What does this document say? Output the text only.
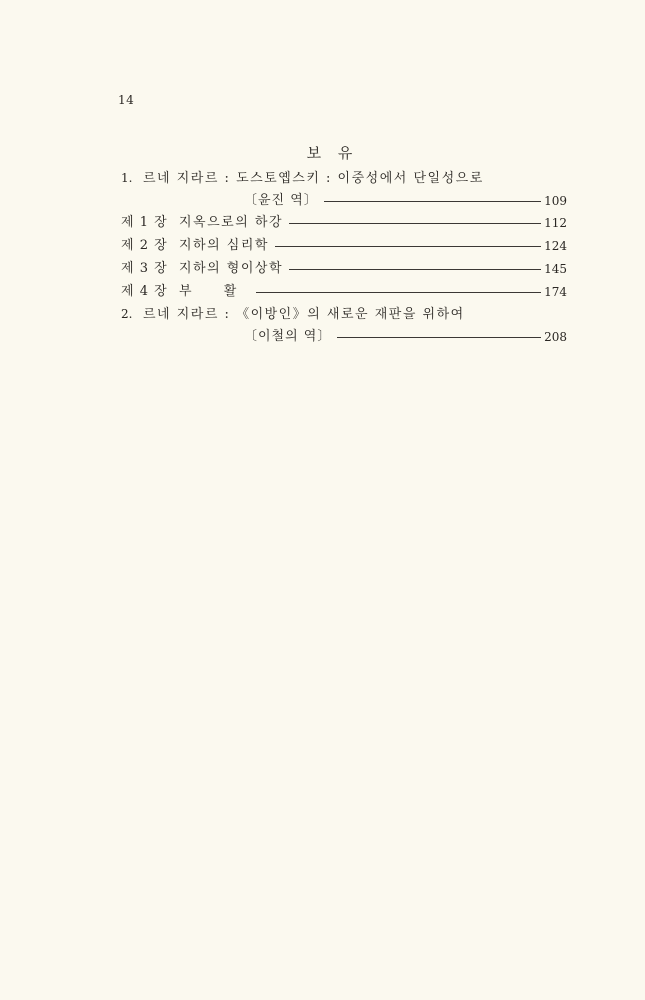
14
보 유
1. 르네 지라르 : 도스토옙스키 : 이중성에서 단일성으로
〔윤진 역〕	109
제 1 장 지옥으로의 하강	112
제 2 장 지하의 심리학	124
제 3 장 지하의 형이상학	145
제 4 장 부 활	174
2. 르네 지라르 : 《이방인》의 새로운 재판을 위하여
〔이철의 역〕	208
